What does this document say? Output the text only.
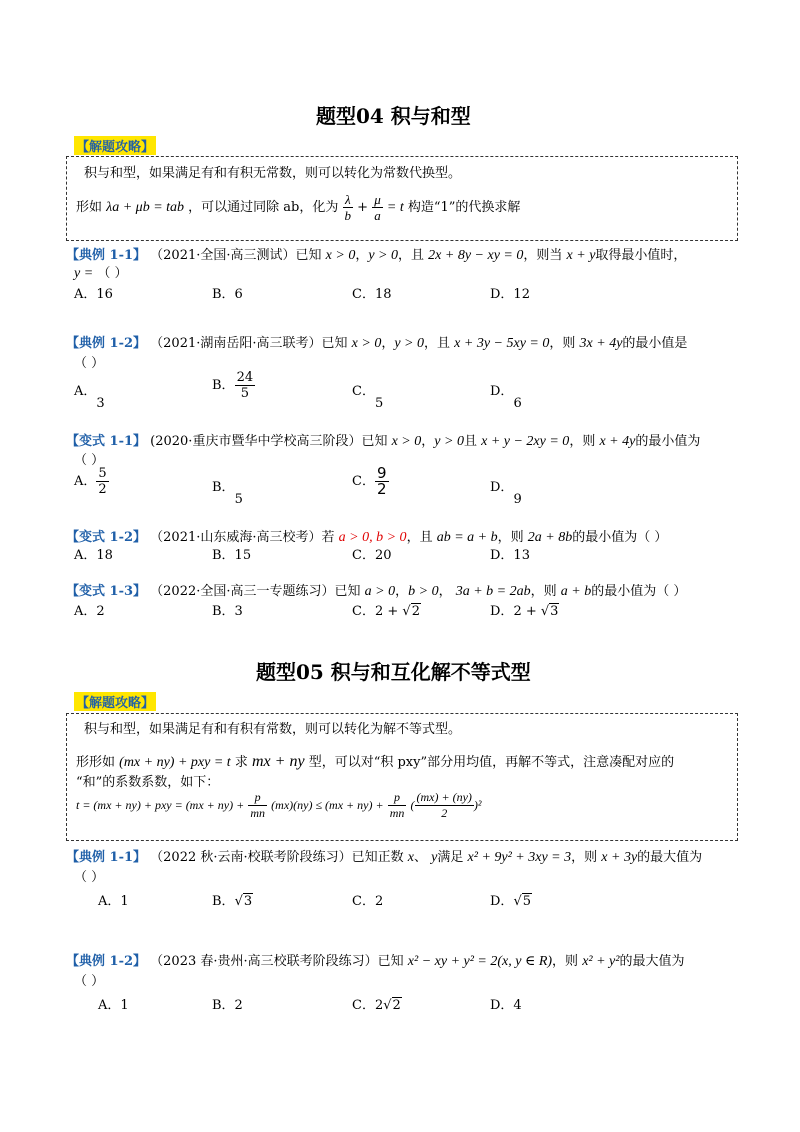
题型04 积与和型
【解题攻略】
积与和型，如果满足有和有积无常数，则可以转化为常数代换型。
形如 λa + μb = tab ，可以通过同除 ab，化为 $\frac{\lambda}{b} + \frac{\mu}{a} = t$ 构造“1”的代换求解
【典例 1-1】 （2021·全国·高三测试）已知 x > 0，y > 0，且 2x + 8y − xy = 0，则当 x + y取得最小值时，
y = （ ）
A．16	B．6	C．18	D．12
【典例 1-2】 （2021·湖南岳阳·高三联考）已知 x > 0，y > 0，且 x + 3y − 5xy = 0，则 3x + 4y的最小值是
（ ）
A．3
B． $\frac{24}{5}$	C．5
D．6
【变式 1-1】 (2020·重庆市暨华中学校高三阶段）已知 x > 0，y > 0且 x + y − 2xy = 0，则 x + 4y的最小值为
（ ）
A． $\frac{5}{2}$	B．5
C． $\frac{9}{2}$	D．9
【变式 1-2】 （2021·山东威海·高三校考）若 a > 0, b > 0，且 ab = a + b，则 2a + 8b的最小值为（ ）
A．18	B．15	C．20	D．13
【变式 1-3】 （2022·全国·高三一专题练习）已知 a > 0，b > 0， 3a + b = 2ab，则 a + b的最小值为（ ）
A．2	B．3	C．2 + √2	D．2 + √3
题型05 积与和互化解不等式型
【解题攻略】
积与和型，如果满足有和有积有常数，则可以转化为解不等式型。
形形如 (mx + ny) + pxy = t 求 mx + ny 型，可以对“积 pxy”部分用均值，再解不等式，注意凑配对应的
“和”的系数系数，如下：
t = (mx + ny) + pxy = $(mx + ny) + \frac{p}{mn} (mx)(ny) \le (mx + ny) + \frac{p}{mn}$ ( $\frac{(mx) + (ny)}{2} )^2$
【典例 1-1】 （2022 秋·云南·校联考阶段练习）已知正数 x、 y满足 x² + 9y² + 3xy = 3，则 x + 3y的最大值为
（ ）
A．1	B．√3	C．2	D．√5
【典例 1-2】 （2023 春·贵州·高三校联考阶段练习）已知 x² − xy + y² = 2(x, y ∈ R)，则 x² + y²的最大值为
（ ）
A．1	B．2	C．2√2	D．4
